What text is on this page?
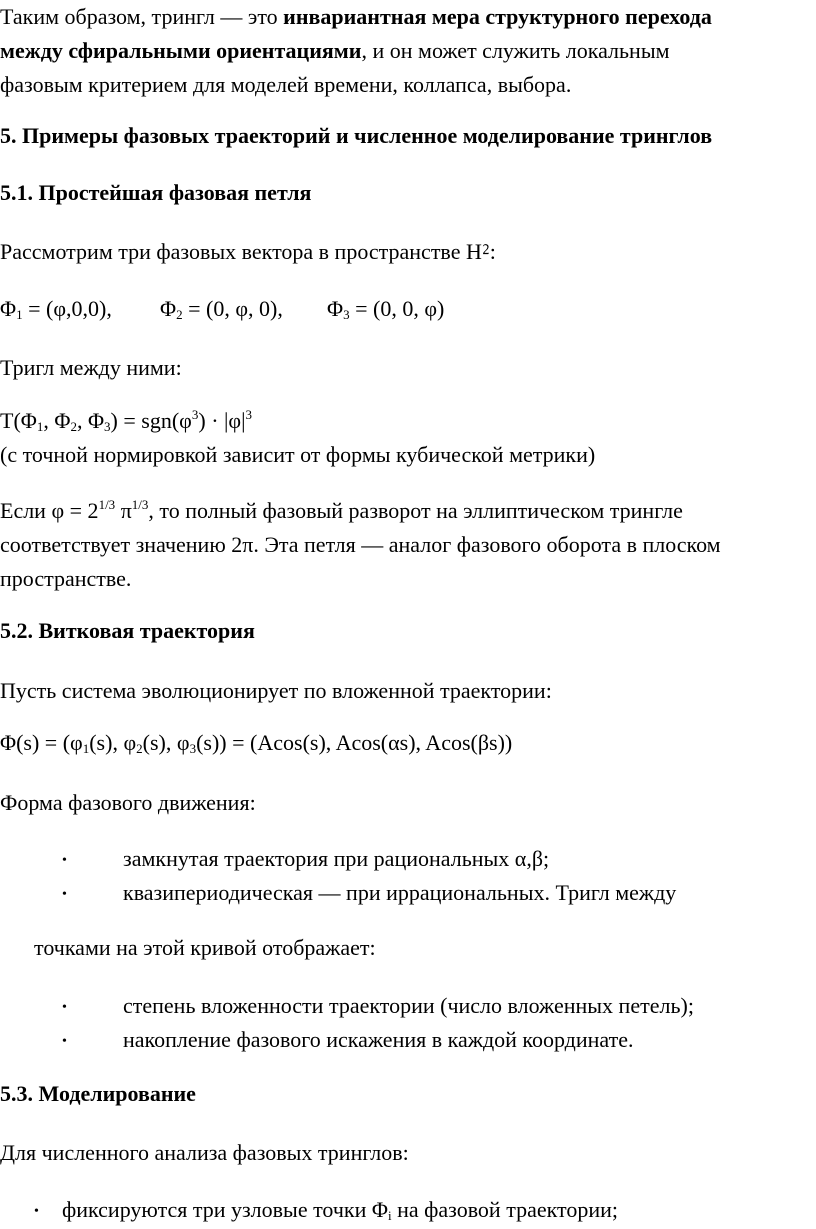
Таким образом, трингл — это инвариантная мера структурного перехода

между сфиральными ориентациями, и он может служить локальным

фазовым критерием для моделей времени, коллапса, выбора.

5. Примеры фазовых траекторий и численное моделирование тринглов

5.1. Простейшая фазовая петля

Рассмотрим три фазовых вектора в пространстве H⁲:

$\Phi_1 = (\varphi,0,0)$, $\Phi_2 = (0$, φ, 0), $\Phi_3 = (0$, 0, φ)

Тригл между ними:

$T(\Phi_1$, $\Phi_2$, $\Phi_3) = sgn(\varphi^3) \cdot |\varphi|^3$

(с точной нормировкой зависит от формы кубической метрики)

Если $\varphi = 2^{1/3}$ $\pi^{1/3}$, то полный фазовый разворот на эллиптическом трингле

соответствует значению 2π. Эта петля — аналог фазового оборота в плоском

пространстве.

5.2. Витковая траектория

Пусть система эволюционирует по вложенной траектории:

$\Phi(s) = (\varphi_1(s)$, $\varphi_2(s)$, $\varphi_3(s)) = (Acos(s)$, Acos(αs), Acos(βs))

Форма фазового движения:

•	замкнутая траектория при рациональных α,β;
•	квазипериодическая — при иррациональных. Тригл между

точками на этой кривой отображает:

•	степень вложенности траектории (число вложенных петель);
•	накопление фазового искажения в каждой координате.

5.3. Моделирование

Для численного анализа фазовых тринглов:

• фиксируются три узловые точки $\Phi_i$ на фазовой траектории;
